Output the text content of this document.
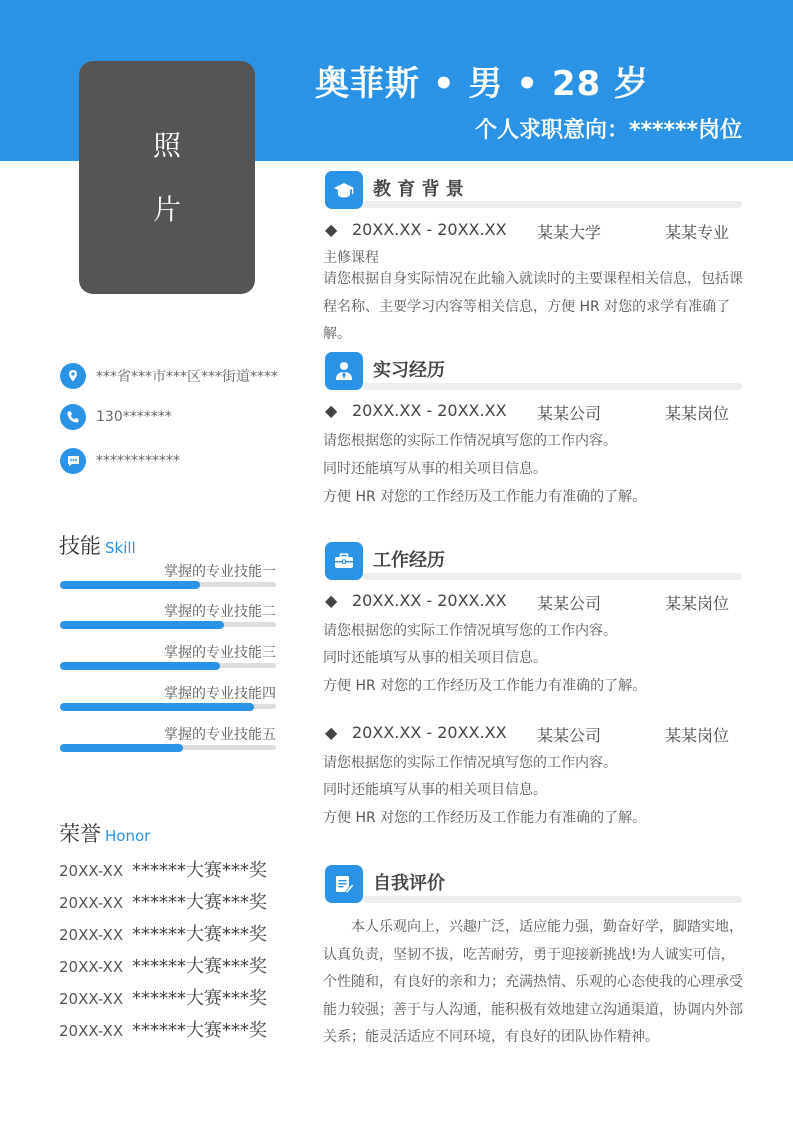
奥菲斯 • 男 • 28 岁
个人求职意向：******岗位
照
片
***省***市***区***街道****
130*******
************
技能 Skill
掌握的专业技能一
掌握的专业技能二
掌握的专业技能三
掌握的专业技能四
掌握的专业技能五
荣誉 Honor
20XX-XX ******大赛***奖
20XX-XX ******大赛***奖
20XX-XX ******大赛***奖
20XX-XX ******大赛***奖
20XX-XX ******大赛***奖
20XX-XX ******大赛***奖
教 育 背 景
◆ 20XX.XX - 20XX.XX 某某大学	某某专业
主修课程
请您根据自身实际情况在此输入就读时的主要课程相关信息，包括课程名称、主要学习内容等相关信息，方便 HR 对您的求学有准确了解。
实习经历
◆ 20XX.XX - 20XX.XX 某某公司	某某岗位
请您根据您的实际工作情况填写您的工作内容。
同时还能填写从事的相关项目信息。
方便 HR 对您的工作经历及工作能力有准确的了解。
工作经历
◆ 20XX.XX - 20XX.XX 某某公司	某某岗位
请您根据您的实际工作情况填写您的工作内容。
同时还能填写从事的相关项目信息。
方便 HR 对您的工作经历及工作能力有准确的了解。
◆ 20XX.XX - 20XX.XX 某某公司	某某岗位
请您根据您的实际工作情况填写您的工作内容。
同时还能填写从事的相关项目信息。
方便 HR 对您的工作经历及工作能力有准确的了解。
自我评价
本人乐观向上，兴趣广泛，适应能力强，勤奋好学，脚踏实地，认真负责，坚韧不拔，吃苦耐劳，勇于迎接新挑战!为人诚实可信，个性随和，有良好的亲和力；充满热情、乐观的心态使我的心理承受能力较强；善于与人沟通，能积极有效地建立沟通渠道，协调内外部关系；能灵活适应不同环境，有良好的团队协作精神。
